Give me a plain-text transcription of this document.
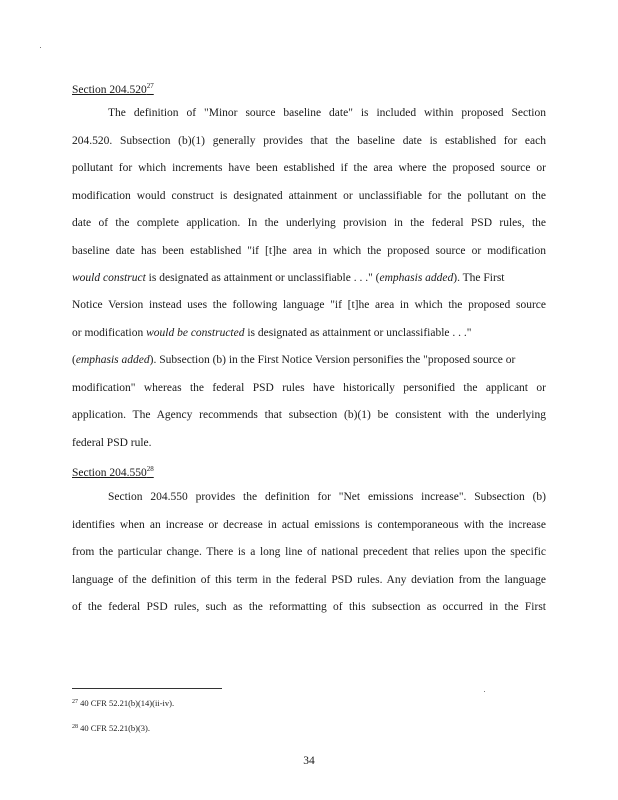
Section 204.520$^{27}$
The definition of "Minor source baseline date" is included within proposed Section
204.520. Subsection (b)(1) generally provides that the baseline date is established for each
pollutant for which increments have been established if the area where the proposed source or
modification would construct is designated attainment or unclassifiable for the pollutant on the
date of the complete application. In the underlying provision in the federal PSD rules, the
baseline date has been established "if [t]he area in which the proposed source or modification
would construct is designated as attainment or unclassifiable . . ." (emphasis added). The First
Notice Version instead uses the following language "if [t]he area in which the proposed source
or modification would be constructed is designated as attainment or unclassifiable . . ."
(emphasis added). Subsection (b) in the First Notice Version personifies the "proposed source or
modification" whereas the federal PSD rules have historically personified the applicant or
application. The Agency recommends that subsection (b)(1) be consistent with the underlying
federal PSD rule.
Section 204.550$^{28}$
Section 204.550 provides the definition for "Net emissions increase". Subsection (b)
identifies when an increase or decrease in actual emissions is contemporaneous with the increase
from the particular change. There is a long line of national precedent that relies upon the specific
language of the definition of this term in the federal PSD rules. Any deviation from the language
of the federal PSD rules, such as the reformatting of this subsection as occurred in the First
$^{27}$ 40 CFR 52.21(b)(14)(ii-iv).
$^{28}$ 40 CFR 52.21(b)(3).
34
